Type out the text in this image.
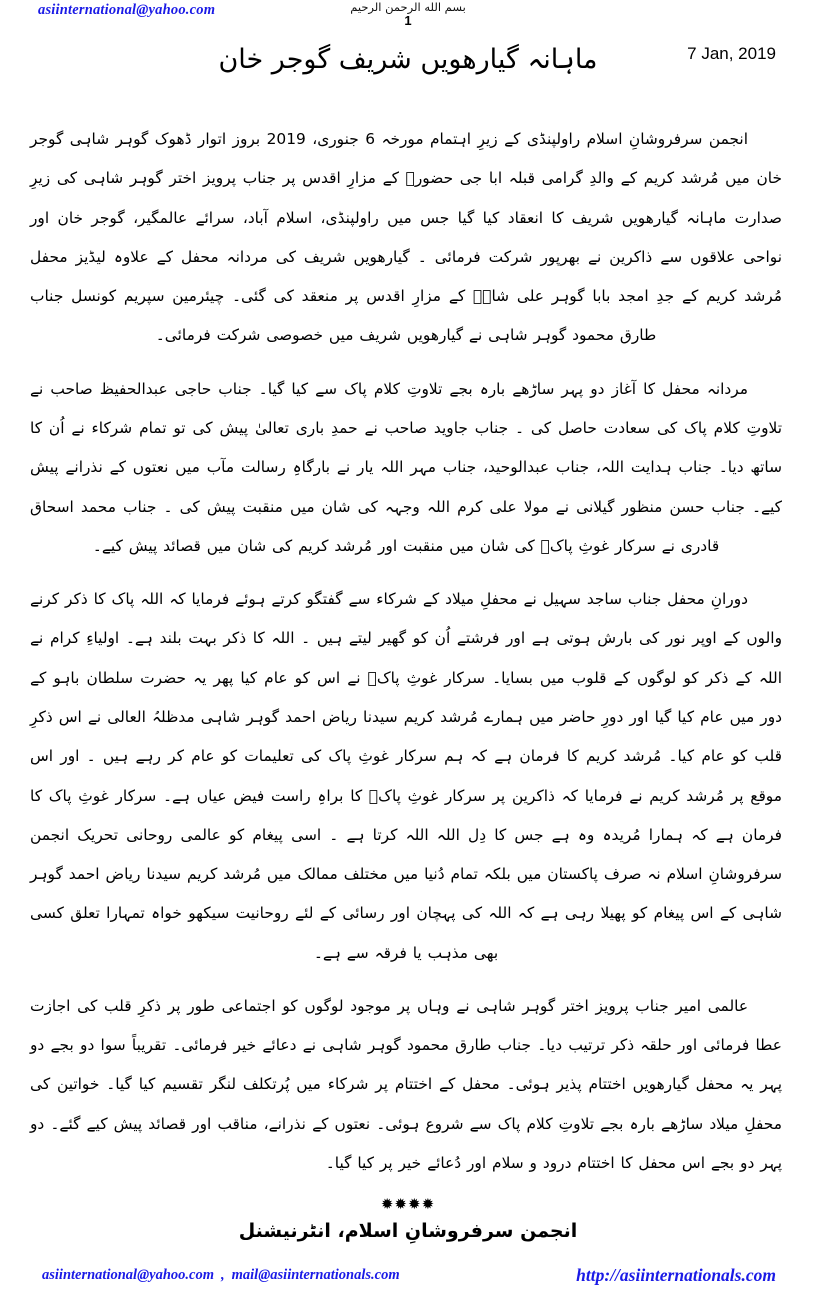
asiinternational@yahoo.com	بسم الله الرحمن الرحيم
1
ماہانہ گیارھویں شریف گوجر خان	7 Jan, 2019

انجمن سرفروشانِ اسلام راولپنڈی کے زیرِ اہتمام مورخہ 6 جنوری، 2019 بروز اتوار ڈھوک گوہر شاہی گوجر خان میں مُرشد کریم کے والدِ گرامی قبلہ ابا جی حضورؒ کے مزارِ اقدس پر جناب پرویز اختر گوہر شاہی کی زیرِ صدارت ماہانہ گیارھویں شریف کا انعقاد کیا گیا جس میں راولپنڈی، اسلام آباد، سرائے عالمگیر، گوجر خان اور نواحی علاقوں سے ذاکرین نے بھرپور شرکت فرمائی ۔ گیارھویں شریف کی مردانہ محفل کے علاوہ لیڈیز محفل مُرشد کریم کے جدِ امجد بابا گوہر علی شاہؒ کے مزارِ اقدس پر منعقد کی گئی۔ چیئرمین سپریم کونسل جناب طارق محمود گوہر شاہی نے گیارھویں شریف میں خصوصی شرکت فرمائی۔

مردانہ محفل کا آغاز دو پہر ساڑھے بارہ بجے تلاوتِ کلام پاک سے کیا گیا۔ جناب حاجی عبدالحفیظ صاحب نے تلاوتِ کلام پاک کی سعادت حاصل کی ۔ جناب جاوید صاحب نے حمدِ باری تعالیٰ پیش کی تو تمام شرکاء نے اُن کا ساتھ دیا۔ جناب ہدایت اللہ، جناب عبدالوحید، جناب مہر اللہ یار نے بارگاہِ رسالت مآب میں نعتوں کے نذرانے پیش کیے۔ جناب حسن منظور گیلانی نے مولا علی کرم اللہ وجہہ کی شان میں منقبت پیش کی ۔ جناب محمد اسحاق قادری نے سرکار غوثِ پاکؓ کی شان میں منقبت اور مُرشد کریم کی شان میں قصائد پیش کیے۔

دورانِ محفل جناب ساجد سہیل نے محفلِ میلاد کے شرکاء سے گفتگو کرتے ہوئے فرمایا کہ اللہ پاک کا ذکر کرنے والوں کے اوپر نور کی بارش ہوتی ہے اور فرشتے اُن کو گھیر لیتے ہیں ۔ اللہ کا ذکر بہت بلند ہے۔ اولیاءِ کرام نے اللہ کے ذکر کو لوگوں کے قلوب میں بسایا۔ سرکار غوثِ پاکؓ نے اس کو عام کیا پھر یہ حضرت سلطان باہو کے دور میں عام کیا گیا اور دورِ حاضر میں ہمارے مُرشد کریم سیدنا ریاض احمد گوہر شاہی مدظلہُ العالی نے اس ذکرِ قلب کو عام کیا۔ مُرشد کریم کا فرمان ہے کہ ہم سرکار غوثِ پاک کی تعلیمات کو عام کر رہے ہیں ۔ اور اس موقع پر مُرشد کریم نے فرمایا کہ ذاکرین پر سرکار غوثِ پاکؓ کا براہِ راست فیض عیاں ہے۔ سرکار غوثِ پاک کا فرمان ہے کہ ہمارا مُریدہ وہ ہے جس کا دِل اللہ اللہ کرتا ہے ۔ اسی پیغام کو عالمی روحانی تحریک انجمن سرفروشانِ اسلام نہ صرف پاکستان میں بلکہ تمام دُنیا میں مختلف ممالک میں مُرشد کریم سیدنا ریاض احمد گوہر شاہی کے اس پیغام کو پھیلا رہی ہے کہ اللہ کی پہچان اور رسائی کے لئے روحانیت سیکھو خواہ تمہارا تعلق کسی بھی مذہب یا فرقہ سے ہے۔

عالمی امیر جناب پرویز اختر گوہر شاہی نے وہاں پر موجود لوگوں کو اجتماعی طور پر ذکرِ قلب کی اجازت عطا فرمائی اور حلقہ ذکر ترتیب دیا۔ جناب طارق محمود گوہر شاہی نے دعائے خیر فرمائی۔ تقریباً سوا دو بجے دو پہر یہ محفل گیارھویں اختتام پذیر ہوئی۔ محفل کے اختتام پر شرکاء میں پُرتکلف لنگر تقسیم کیا گیا۔ خواتین کی محفلِ میلاد ساڑھے بارہ بجے تلاوتِ کلام پاک سے شروع ہوئی۔ نعتوں کے نذرانے، مناقب اور قصائد پیش کیے گئے۔ دو پہر دو بجے اس محفل کا اختتام درود و سلام اور دُعائے خیر پر کیا گیا۔

✹✹✹✹
انجمن سرفروشانِ اسلام، انٹرنیشنل
asiinternational@yahoo.com , mail@asiinternationals.com	http://asiinternationals.com
